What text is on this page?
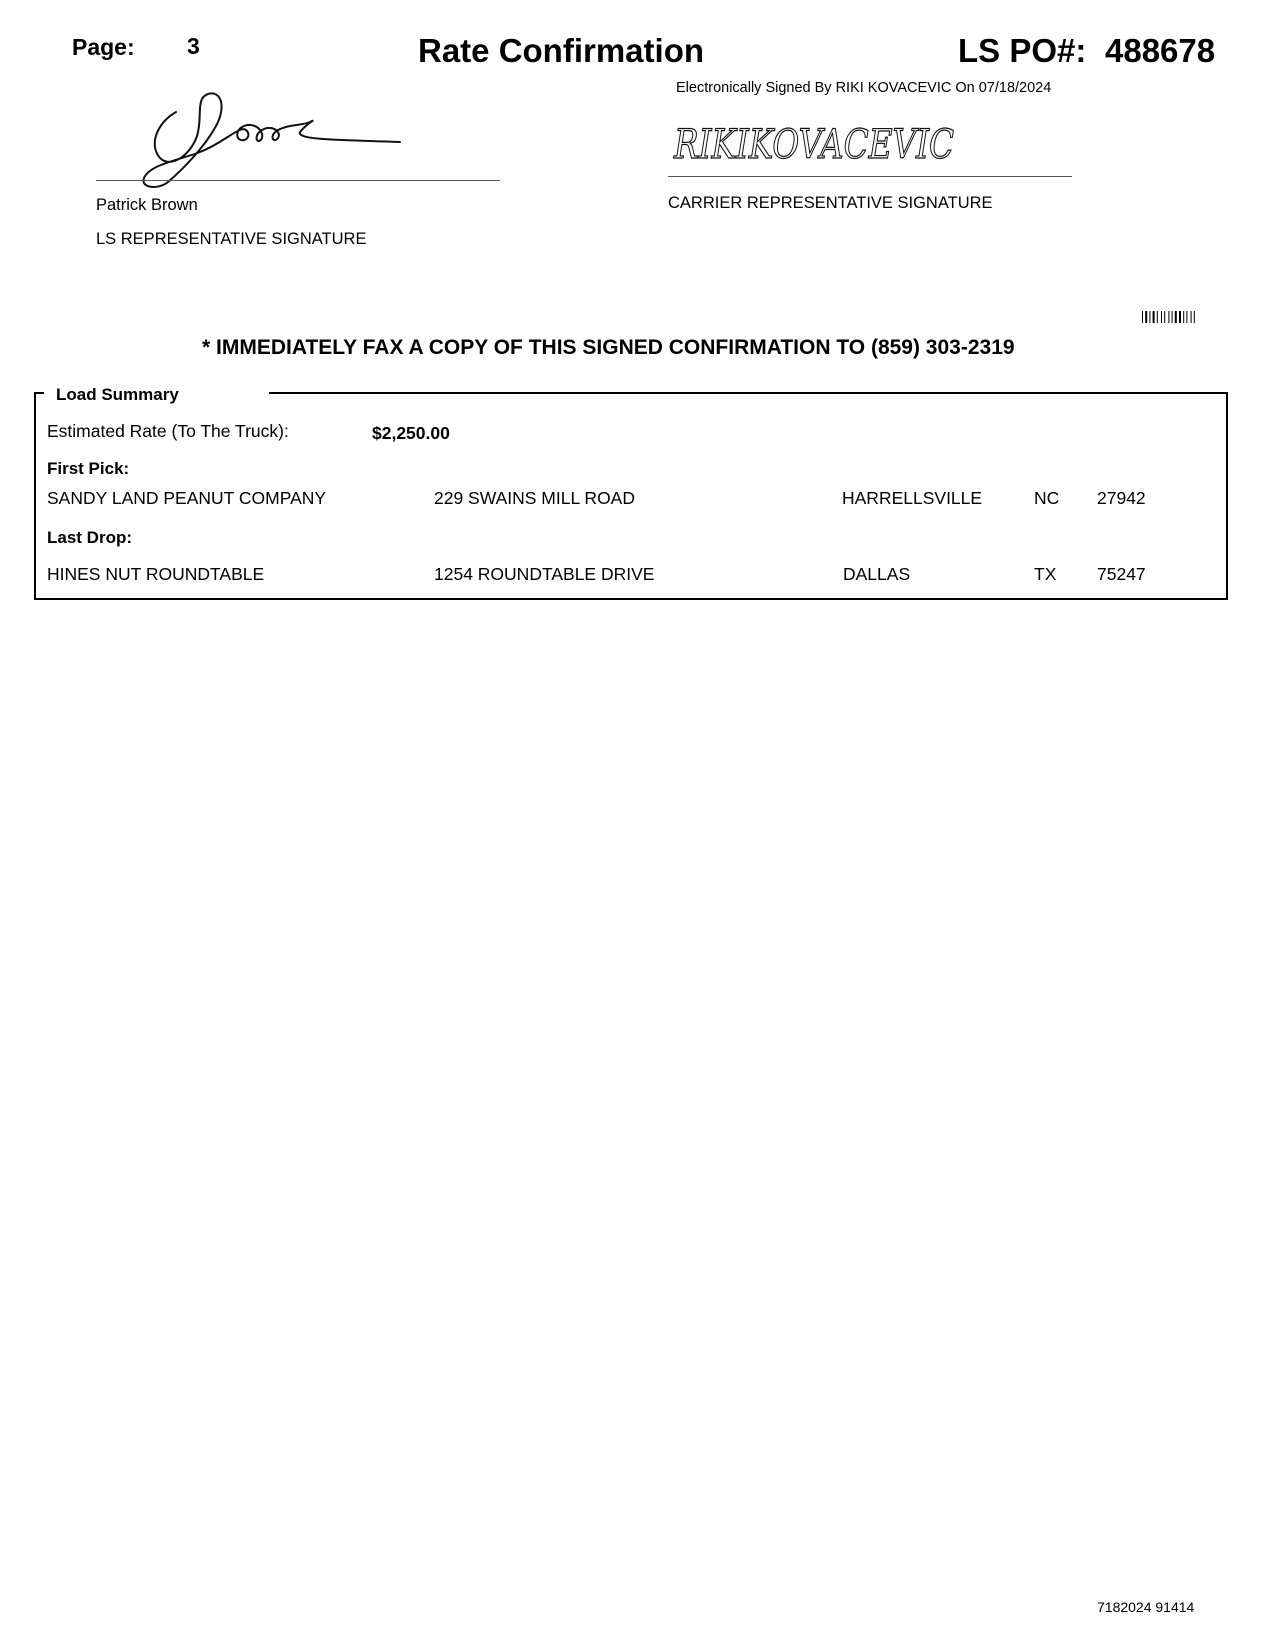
Page: 3	Rate Confirmation	LS PO#: 488678
Electronically Signed By RIKI KOVACEVIC On 07/18/2024
Patrick Brown
LS REPRESENTATIVE SIGNATURE
RIKIKOVACEVIC
CARRIER REPRESENTATIVE SIGNATURE
* IMMEDIATELY FAX A COPY OF THIS SIGNED CONFIRMATION TO (859) 303-2319
Load Summary
Estimated Rate (To The Truck):	$2,250.00
First Pick:
SANDY LAND PEANUT COMPANY	229 SWAINS MILL ROAD	HARRELLSVILLE	NC 27942
Last Drop:
HINES NUT ROUNDTABLE	1254 ROUNDTABLE DRIVE	DALLAS	TX 75247
7182024 91414
